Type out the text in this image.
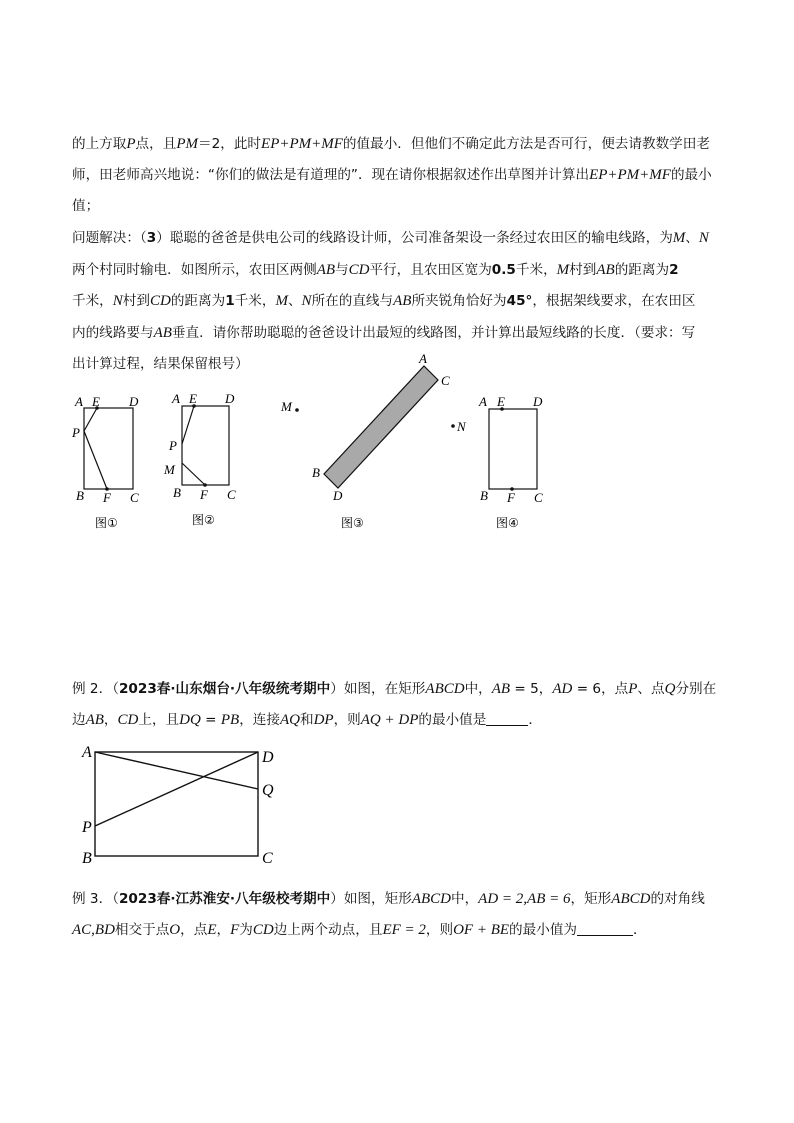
的上方取P点，且PM＝2，此时EP+PM+MF的值最小．但他们不确定此方法是否可行，便去请教数学田老
师，田老师高兴地说：“你们的做法是有道理的”．现在请你根据叙述作出草图并计算出EP+PM+MF的最小
值；
问题解决：（3）聪聪的爸爸是供电公司的线路设计师，公司准备架设一条经过农田区的输电线路，为M、N
两个村同时输电．如图所示，农田区两侧AB与CD平行，且农田区宽为0.5千米，M村到AB的距离为2
千米，N村到CD的距离为1千米，M、N所在的直线与AB所夹锐角恰好为45°，根据架线要求，在农田区
内的线路要与AB垂直．请你帮助聪聪的爸爸设计出最短的线路图，并计算出最短线路的长度．（要求：写
出计算过程，结果保留根号）
A E D
P
B F C
图①
A E D
P
M
B F C
图②
A
C
M
B
D
图③
A E D
N
B F C
图④
A	D
Q
P
B	C
例 2．（2023春·山东烟台·八年级统考期中）如图，在矩形ABCD中，AB = 5，AD = 6，点P、点Q分别在
边AB，CD上，且DQ = PB，连接AQ和DP，则AQ + DP的最小值是	．
例 3．（2023春·江苏淮安·八年级校考期中）如图，矩形ABCD中，AD = 2,AB = 6，矩形ABCD的对角线
AC,BD相交于点O，点E，F为CD边上两个动点，且EF = 2，则OF + BE的最小值为	．
